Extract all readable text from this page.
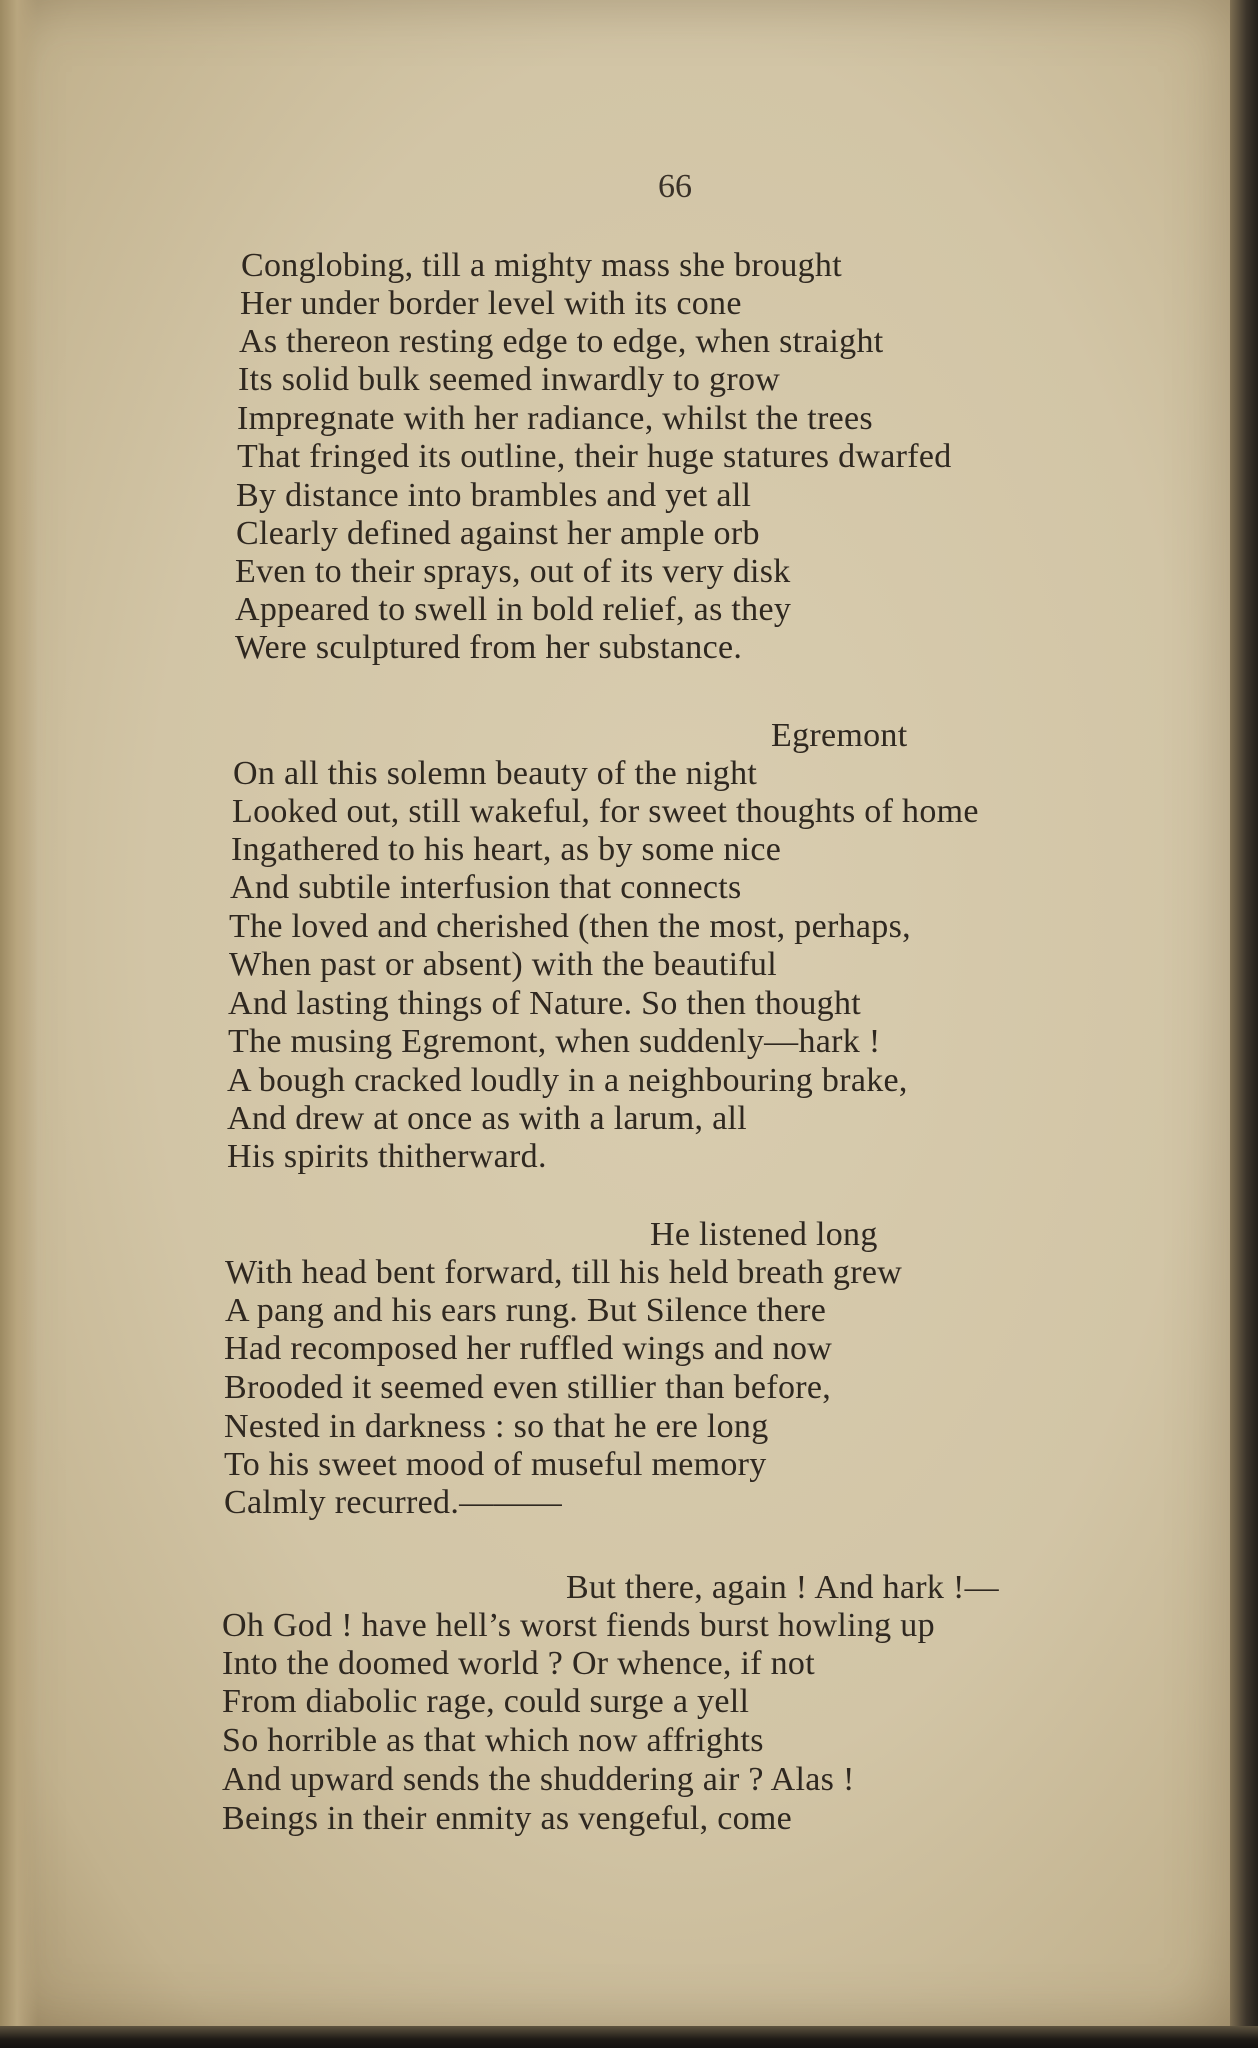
66
Conglobing, till a mighty mass she brought
Her under border level with its cone
As thereon resting edge to edge, when straight
Its solid bulk seemed inwardly to grow
Impregnate with her radiance, whilst the trees
That fringed its outline, their huge statures dwarfed
By distance into brambles and yet all
Clearly defined against her ample orb
Even to their sprays, out of its very disk
Appeared to swell in bold relief, as they
Were sculptured from her substance.
Egremont
On all this solemn beauty of the night
Looked out, still wakeful, for sweet thoughts of home
Ingathered to his heart, as by some nice
And subtile interfusion that connects
The loved and cherished (then the most, perhaps,
When past or absent) with the beautiful
And lasting things of Nature. So then thought
The musing Egremont, when suddenly—hark !
A bough cracked loudly in a neighbouring brake,
And drew at once as with a larum, all
His spirits thitherward.
He listened long
With head bent forward, till his held breath grew
A pang and his ears rung. But Silence there
Had recomposed her ruffled wings and now
Brooded it seemed even stillier than before,
Nested in darkness : so that he ere long
To his sweet mood of museful memory
Calmly recurred.———
But there, again ! And hark !—
Oh God ! have hell’s worst fiends burst howling up
Into the doomed world ? Or whence, if not
From diabolic rage, could surge a yell
So horrible as that which now affrights
And upward sends the shuddering air ? Alas !
Beings in their enmity as vengeful, come
